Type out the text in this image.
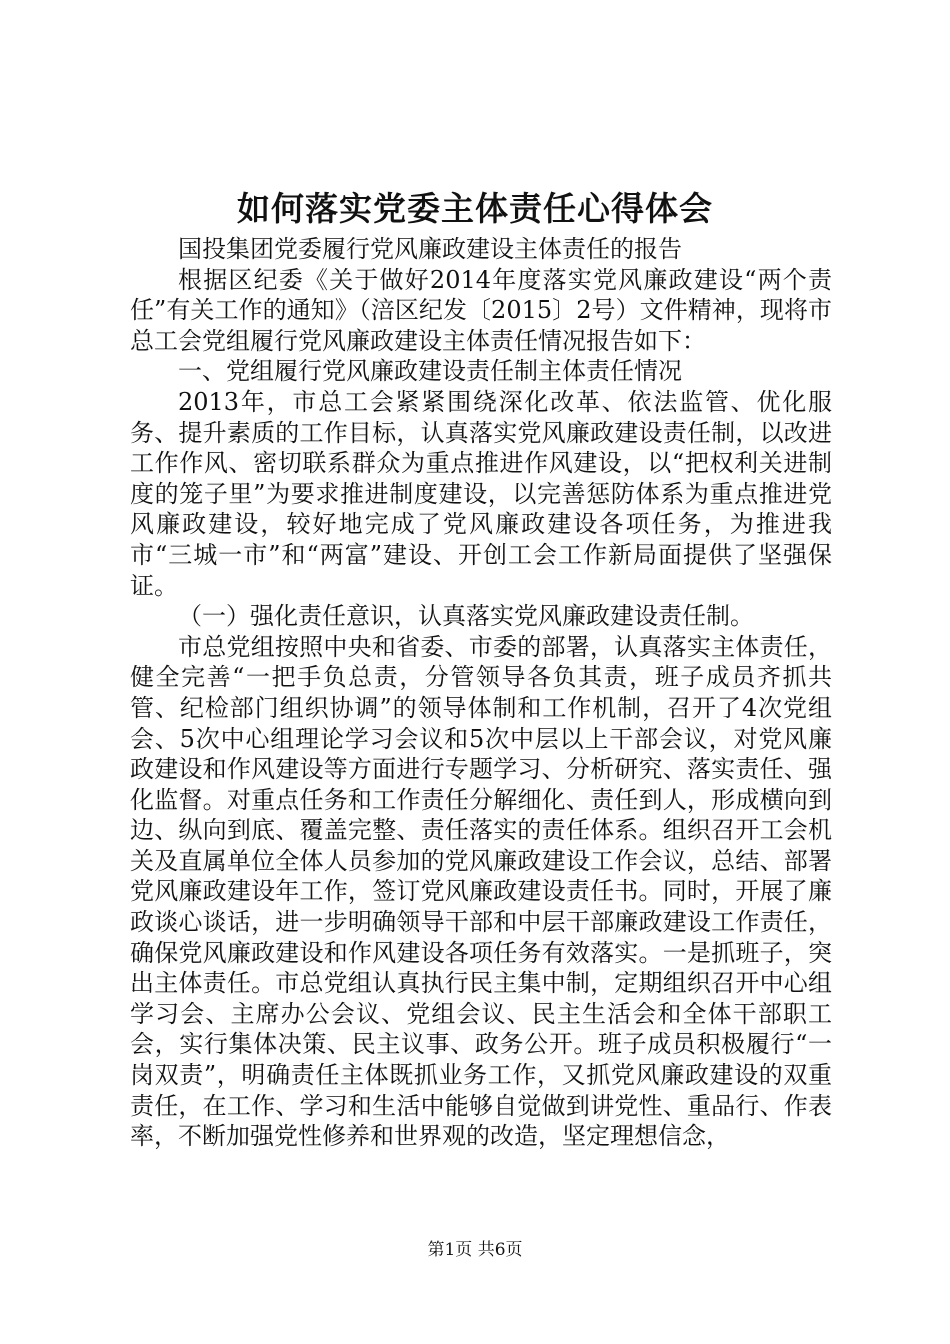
如何落实党委主体责任心得体会

国投集团党委履行党风廉政建设主体责任的报告

根据区纪委《关于做好2014年度落实党风廉政建设“两个责任”有关工作的通知》（涪区纪发〔2015〕2号）文件精神，现将市总工会党组履行党风廉政建设主体责任情况报告如下：

一、党组履行党风廉政建设责任制主体责任情况

2013年，市总工会紧紧围绕深化改革、依法监管、优化服务、提升素质的工作目标，认真落实党风廉政建设责任制，以改进工作作风、密切联系群众为重点推进作风建设，以“把权利关进制度的笼子里”为要求推进制度建设，以完善惩防体系为重点推进党风廉政建设，较好地完成了党风廉政建设各项任务，为推进我市“三城一市”和“两富”建设、开创工会工作新局面提供了坚强保证。

（一）强化责任意识，认真落实党风廉政建设责任制。

市总党组按照中央和省委、市委的部署，认真落实主体责任，健全完善“一把手负总责，分管领导各负其责，班子成员齐抓共管、纪检部门组织协调”的领导体制和工作机制，召开了4次党组会、5次中心组理论学习会议和5次中层以上干部会议，对党风廉政建设和作风建设等方面进行专题学习、分析研究、落实责任、强化监督。对重点任务和工作责任分解细化、责任到人，形成横向到边、纵向到底、覆盖完整、责任落实的责任体系。组织召开工会机关及直属单位全体人员参加的党风廉政建设工作会议，总结、部署党风廉政建设年工作，签订党风廉政建设责任书。同时，开展了廉政谈心谈话，进一步明确领导干部和中层干部廉政建设工作责任，确保党风廉政建设和作风建设各项任务有效落实。一是抓班子，突出主体责任。市总党组认真执行民主集中制，定期组织召开中心组学习会、主席办公会议、党组会议、民主生活会和全体干部职工会，实行集体决策、民主议事、政务公开。班子成员积极履行“一岗双责”，明确责任主体既抓业务工作，又抓党风廉政建设的双重责任，在工作、学习和生活中能够自觉做到讲党性、重品行、作表率，不断加强党性修养和世界观的改造，坚定理想信念，

第1页 共6页
